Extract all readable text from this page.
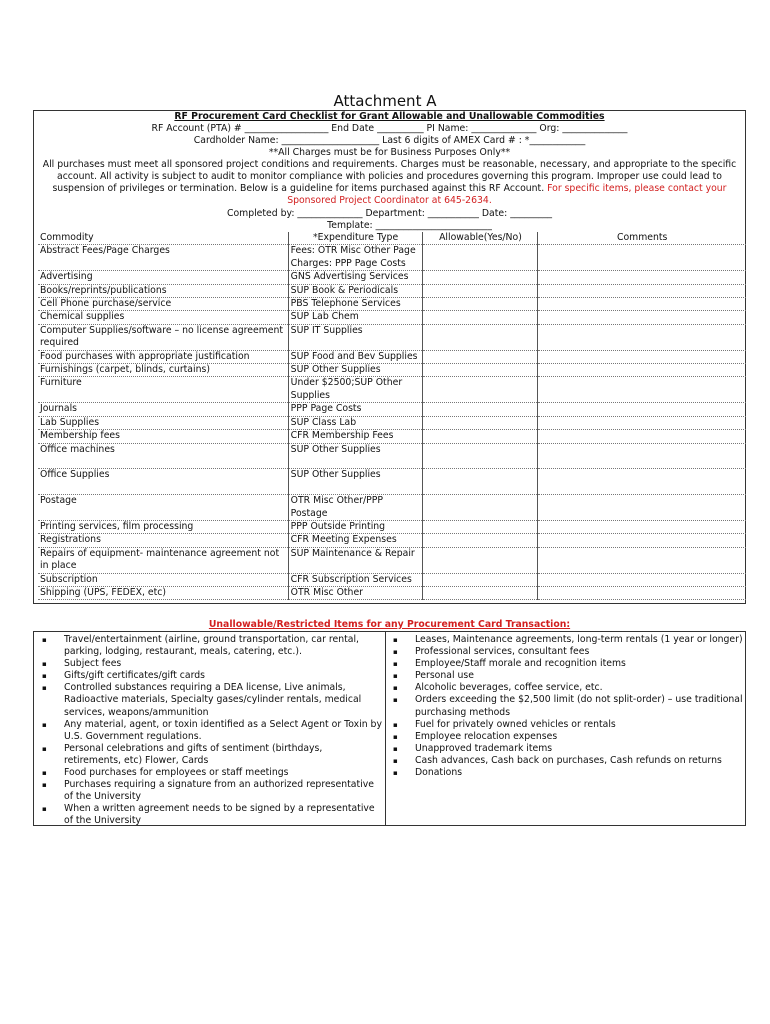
Attachment A
RF Procurement Card Checklist for Grant Allowable and Unallowable Commodities
RF Account (PTA) # __________________ End Date __________ PI Name: ______________ Org: ______________
Cardholder Name: _____________________ Last 6 digits of AMEX Card # : *____________
**All Charges must be for Business Purposes Only**
All purchases must meet all sponsored project conditions and requirements. Charges must be reasonable, necessary, and appropriate to the specific
account. All activity is subject to audit to monitor compliance with policies and procedures governing this program. Improper use could lead to
suspension of privileges or termination. Below is a guideline for items purchased against this RF Account. For specific items, please contact your
Sponsored Project Coordinator at 645-2634.
Completed by: ______________ Department: ___________ Date: _________
Template: _________________________
Commodity	*Expenditure Type	Allowable(Yes/No)	Comments
Abstract Fees/Page Charges	Fees: OTR Misc Other Page Charges: PPP Page Costs		
Advertising	GNS Advertising Services		
Books/reprints/publications	SUP Book & Periodicals		
Cell Phone purchase/service	PBS Telephone Services		
Chemical supplies	SUP Lab Chem		
Computer Supplies/software – no license agreement required	SUP IT Supplies		
Food purchases with appropriate justification	SUP Food and Bev Supplies		
Furnishings (carpet, blinds, curtains)	SUP Other Supplies		
Furniture	Under $2500;SUP Other Supplies		
Journals	PPP Page Costs		
Lab Supplies	SUP Class Lab		
Membership fees	CFR Membership Fees		
Office machines	SUP Other Supplies		
Office Supplies	SUP Other Supplies		
Postage	OTR Misc Other/PPP Postage		
Printing services, film processing	PPP Outside Printing		
Registrations	CFR Meeting Expenses		
Repairs of equipment- maintenance agreement not in place	SUP Maintenance & Repair		
Subscription	CFR Subscription Services		
Shipping (UPS, FEDEX, etc)	OTR Misc Other		
Unallowable/Restricted Items for any Procurement Card Transaction:
▪ Travel/entertainment (airline, ground transportation, car rental, parking, lodging, restaurant, meals, catering, etc.).
▪ Subject fees
▪ Gifts/gift certificates/gift cards
▪ Controlled substances requiring a DEA license, Live animals, Radioactive materials, Specialty gases/cylinder rentals, medical services, weapons/ammunition
▪ Any material, agent, or toxin identified as a Select Agent or Toxin by U.S. Government regulations.
▪ Personal celebrations and gifts of sentiment (birthdays, retirements, etc) Flower, Cards
▪ Food purchases for employees or staff meetings
▪ Purchases requiring a signature from an authorized representative of the University
▪ When a written agreement needs to be signed by a representative of the University
▪ Leases, Maintenance agreements, long-term rentals (1 year or longer)
▪ Professional services, consultant fees
▪ Employee/Staff morale and recognition items
▪ Personal use
▪ Alcoholic beverages, coffee service, etc.
▪ Orders exceeding the $2,500 limit (do not split-order) – use traditional purchasing methods
▪ Fuel for privately owned vehicles or rentals
▪ Employee relocation expenses
▪ Unapproved trademark items
▪ Cash advances, Cash back on purchases, Cash refunds on returns
▪ Donations
